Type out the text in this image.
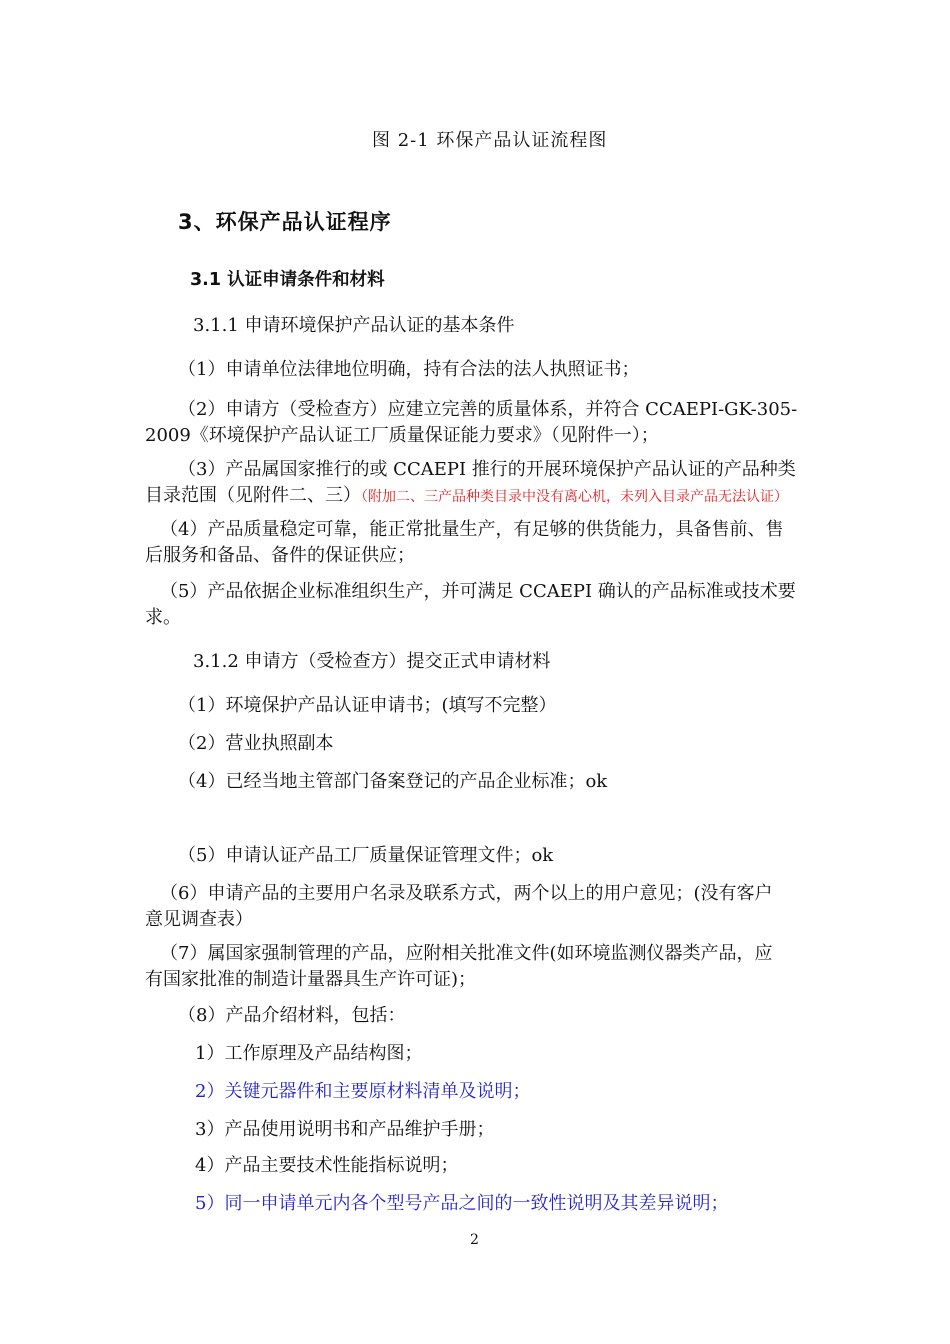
图 2-1 环保产品认证流程图
3、环保产品认证程序
3.1 认证申请条件和材料
3.1.1 申请环境保护产品认证的基本条件
（1）申请单位法律地位明确，持有合法的法人执照证书；
（2）申请方（受检查方）应建立完善的质量体系，并符合 CCAEPI-GK-305-
2009《环境保护产品认证工厂质量保证能力要求》（见附件一）；
（3）产品属国家推行的或 CCAEPI 推行的开展环境保护产品认证的产品种类
目录范围（见附件二、三）（附加二、三产品种类目录中没有离心机，未列入目录产品无法认证）
（4）产品质量稳定可靠，能正常批量生产，有足够的供货能力，具备售前、售
后服务和备品、备件的保证供应；
（5）产品依据企业标准组织生产，并可满足 CCAEPI 确认的产品标准或技术要
求。
3.1.2 申请方（受检查方）提交正式申请材料
（1）环境保护产品认证申请书；(填写不完整）
（2）营业执照副本
（4）已经当地主管部门备案登记的产品企业标准；ok
（5）申请认证产品工厂质量保证管理文件；ok
（6）申请产品的主要用户名录及联系方式，两个以上的用户意见；(没有客户
意见调查表）
（7）属国家强制管理的产品，应附相关批准文件(如环境监测仪器类产品，应
有国家批准的制造计量器具生产许可证)；
（8）产品介绍材料，包括：
1）工作原理及产品结构图；
2）关键元器件和主要原材料清单及说明；
3）产品使用说明书和产品维护手册；
4）产品主要技术性能指标说明；
5）同一申请单元内各个型号产品之间的一致性说明及其差异说明；
2
